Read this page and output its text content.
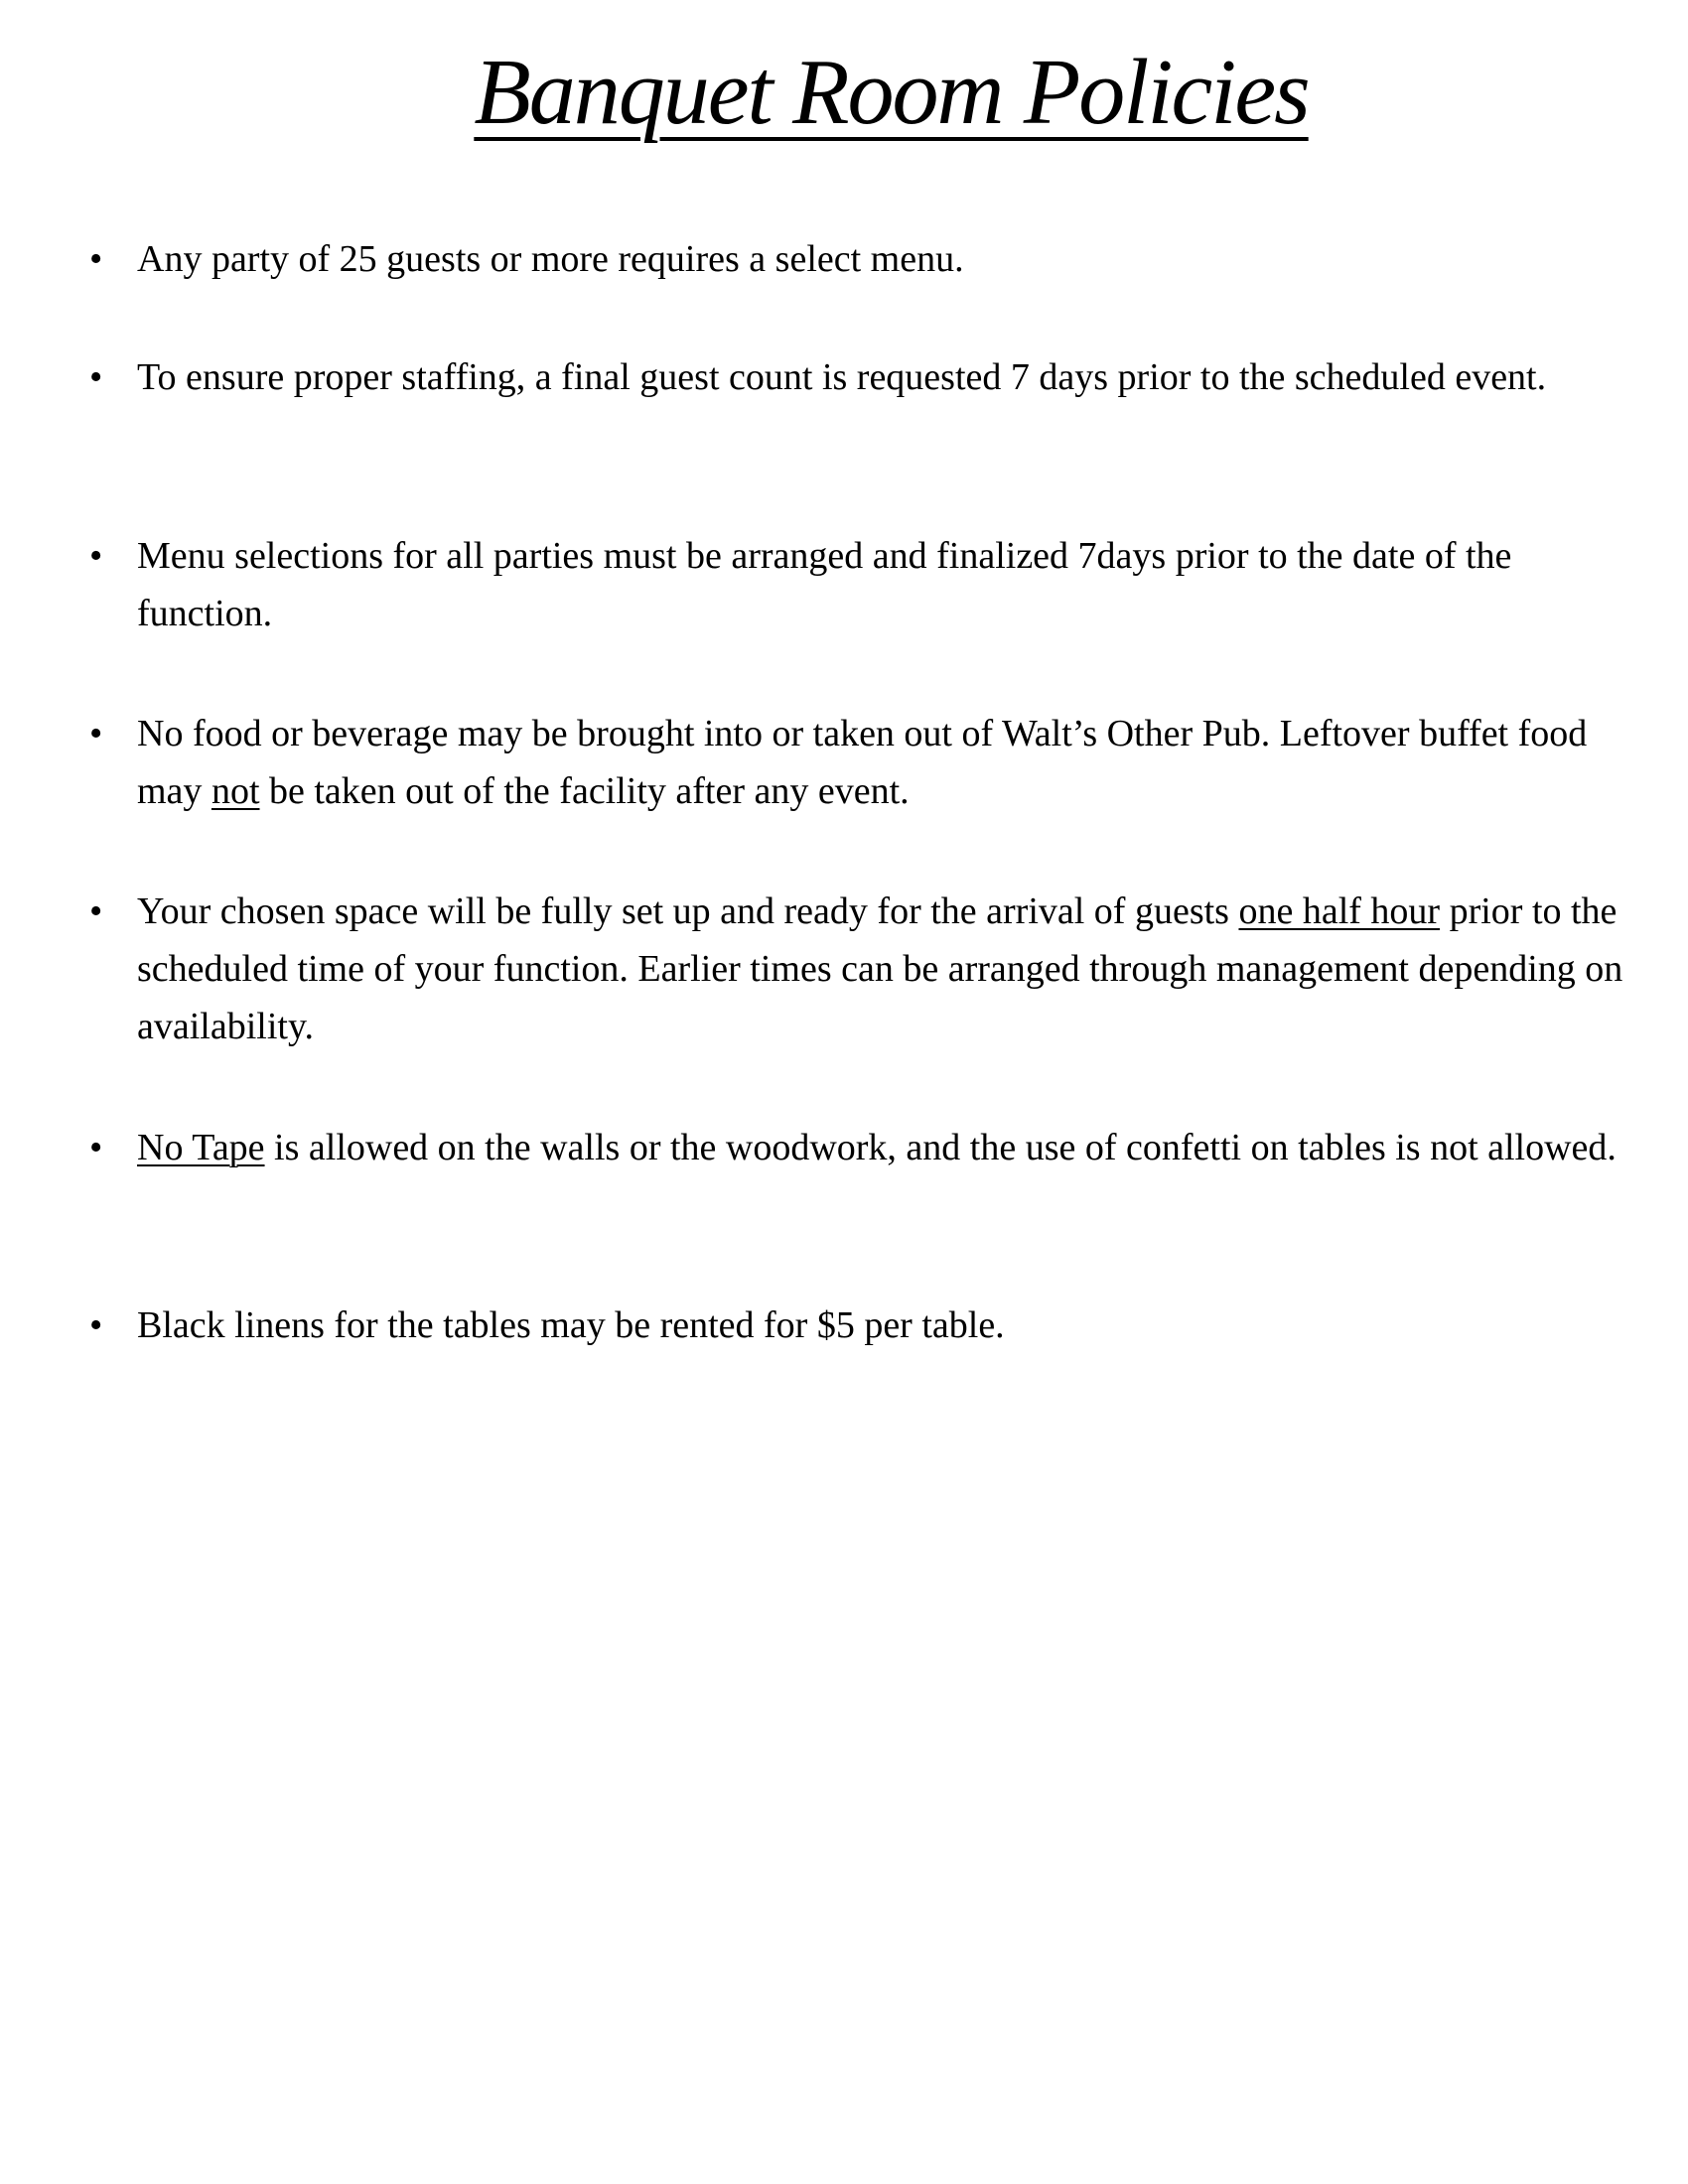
Banquet Room Policies
• Any party of 25 guests or more requires a select menu.
• To ensure proper staffing, a final guest count is requested 7 days prior to the scheduled event.
• Menu selections for all parties must be arranged and finalized 7days prior to the date of the function.
• No food or beverage may be brought into or taken out of Walt’s Other Pub. Leftover buffet food may not be taken out of the facility after any event.
• Your chosen space will be fully set up and ready for the arrival of guests one half hour prior to the scheduled time of your function. Earlier times can be arranged through management depending on availability.
• No Tape is allowed on the walls or the woodwork, and the use of confetti on tables is not allowed.
• Black linens for the tables may be rented for $5 per table.
